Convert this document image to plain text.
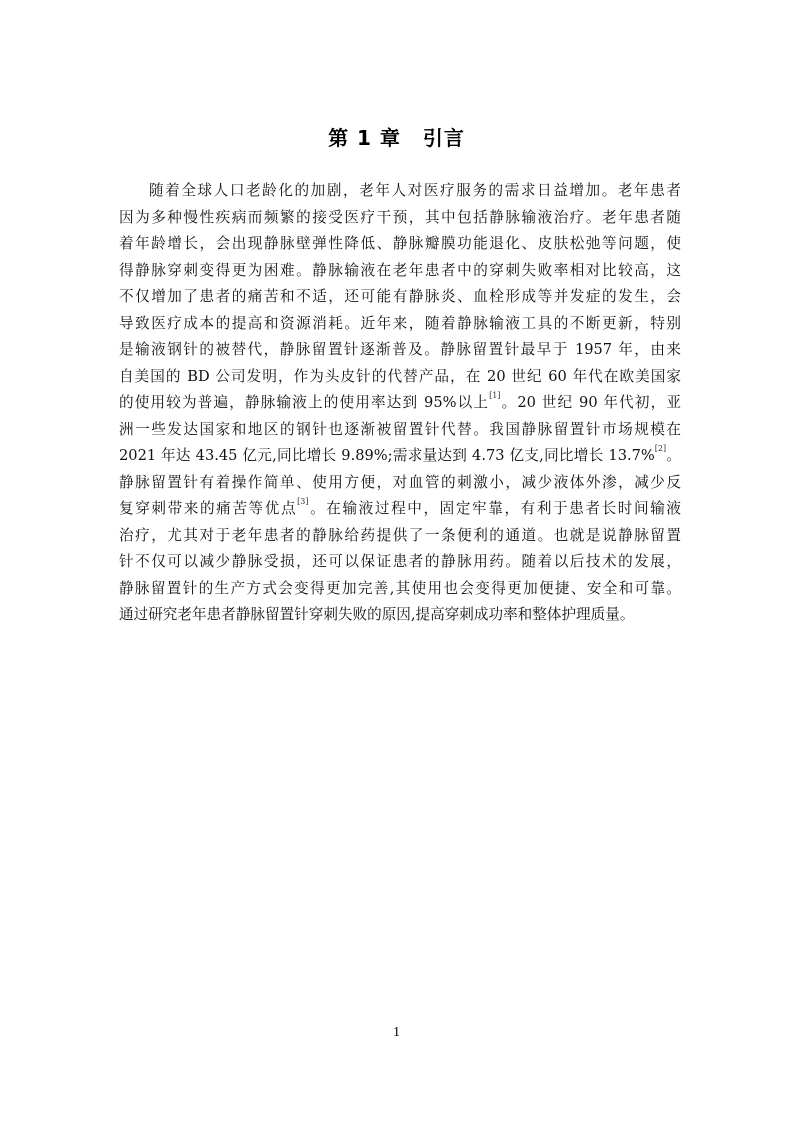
第 1 章 引言
随着全球人口老龄化的加剧，老年人对医疗服务的需求日益增加。老年患者
因为多种慢性疾病而频繁的接受医疗干预，其中包括静脉输液治疗。老年患者随
着年龄增长，会出现静脉壁弹性降低、静脉瓣膜功能退化、皮肤松弛等问题，使
得静脉穿刺变得更为困难。静脉输液在老年患者中的穿刺失败率相对比较高，这
不仅增加了患者的痛苦和不适，还可能有静脉炎、血栓形成等并发症的发生，会
导致医疗成本的提高和资源消耗。近年来，随着静脉输液工具的不断更新，特别
是输液钢针的被替代，静脉留置针逐渐普及。静脉留置针最早于 1957 年，由来
自美国的 BD 公司发明，作为头皮针的代替产品，在 20 世纪 60 年代在欧美国家
的使用较为普遍，静脉输液上的使用率达到 95%以上[1]。20 世纪 90 年代初，亚
洲一些发达国家和地区的钢针也逐渐被留置针代替。我国静脉留置针市场规模在
2021 年达 43.45 亿元,同比增长 9.89%;需求量达到 4.73 亿支,同比增长 13.7%[2]。
静脉留置针有着操作简单、使用方便，对血管的刺激小，减少液体外渗，减少反
复穿刺带来的痛苦等优点[3]。在输液过程中，固定牢靠，有利于患者长时间输液
治疗，尤其对于老年患者的静脉给药提供了一条便利的通道。也就是说静脉留置
针不仅可以减少静脉受损，还可以保证患者的静脉用药。随着以后技术的发展，
静脉留置针的生产方式会变得更加完善,其使用也会变得更加便捷、安全和可靠。
通过研究老年患者静脉留置针穿刺失败的原因,提高穿刺成功率和整体护理质量。
1
